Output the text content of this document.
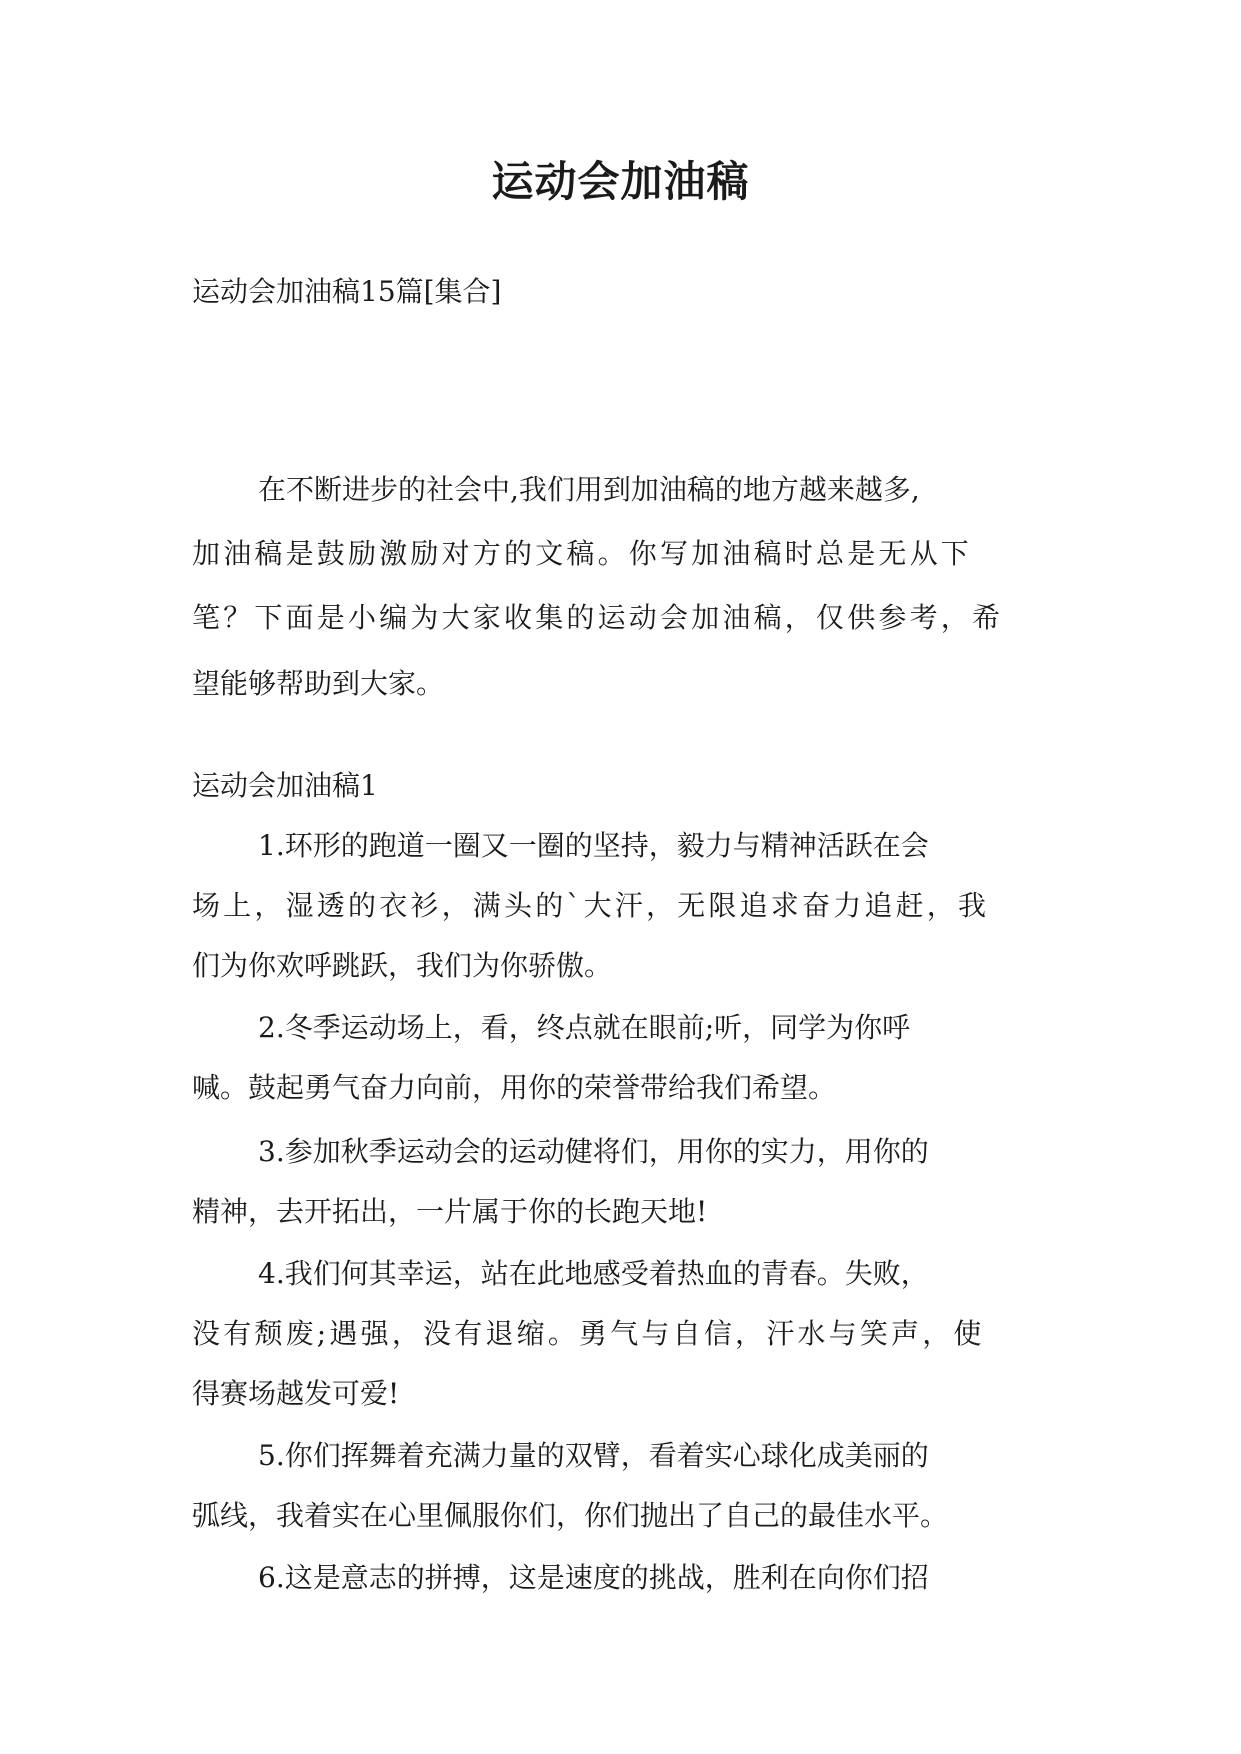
运动会加油稿
运动会加油稿15篇[集合]
在不断进步的社会中,我们用到加油稿的地方越来越多,
加油稿是鼓励激励对方的文稿。你写加油稿时总是无从下
笔？下面是小编为大家收集的运动会加油稿，仅供参考，希
望能够帮助到大家。
运动会加油稿1
1.环形的跑道一圈又一圈的坚持，毅力与精神活跃在会
场上，湿透的衣衫，满头的`大汗，无限追求奋力追赶，我
们为你欢呼跳跃，我们为你骄傲。
2.冬季运动场上，看，终点就在眼前;听，同学为你呼
喊。鼓起勇气奋力向前，用你的荣誉带给我们希望。
3.参加秋季运动会的运动健将们，用你的实力，用你的
精神，去开拓出，一片属于你的长跑天地!
4.我们何其幸运，站在此地感受着热血的青春。失败，
没有颓废;遇强，没有退缩。勇气与自信，汗水与笑声，使
得赛场越发可爱!
5.你们挥舞着充满力量的双臂，看着实心球化成美丽的
弧线，我着实在心里佩服你们，你们抛出了自己的最佳水平。
6.这是意志的拼搏，这是速度的挑战，胜利在向你们招
